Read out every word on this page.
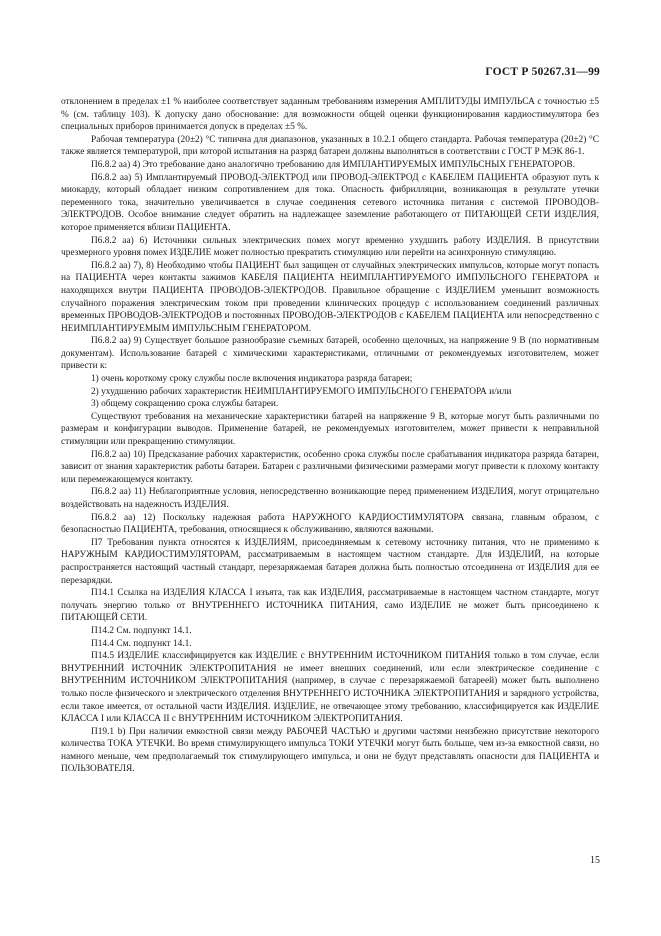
ГОСТ Р 50267.31—99

отклонением в пределах ±1 % наиболее соответствует заданным требованиям измерения АМПЛИТУДЫ ИМПУЛЬСА с точностью ±5 % (см. таблицу 103). К допуску дано обоснование: для возможности общей оценки функционирования кардиостимулятора без специальных приборов принимается допуск в пределах ±5 %.

Рабочая температура (20±2) °С типична для диапазонов, указанных в 10.2.1 общего стандарта. Рабочая температура (20±2) °С также является температурой, при которой испытания на разряд батареи должны выполняться в соответствии с ГОСТ Р МЭК 86-1.

П6.8.2 аа) 4) Это требование дано аналогично требованию для ИМПЛАНТИРУЕМЫХ ИМПУЛЬСНЫХ ГЕНЕРАТОРОВ.

П6.8.2 аа) 5) Имплантируемый ПРОВОД-ЭЛЕКТРОД или ПРОВОД-ЭЛЕКТРОД с КАБЕЛЕМ ПАЦИЕНТА образуют путь к миокарду, который обладает низким сопротивлением для тока. Опасность фибрилляции, возникающая в результате утечки переменного тока, значительно увеличивается в случае соединения сетевого источника питания с системой ПРОВОДОВ-ЭЛЕКТРОДОВ. Особое внимание следует обратить на надлежащее заземление работающего от ПИТАЮЩЕЙ СЕТИ ИЗДЕЛИЯ, которое применяется вблизи ПАЦИЕНТА.

П6.8.2 аа) 6) Источники сильных электрических помех могут временно ухудшить работу ИЗДЕЛИЯ. В присутствии чрезмерного уровня помех ИЗДЕЛИЕ может полностью прекратить стимуляцию или перейти на асинхронную стимуляцию.

П6.8.2 аа) 7), 8) Необходимо чтобы ПАЦИЕНТ был защищен от случайных электрических импульсов, которые могут попасть на ПАЦИЕНТА через контакты зажимов КАБЕЛЯ ПАЦИЕНТА НЕИМПЛАНТИРУЕМОГО ИМПУЛЬСНОГО ГЕНЕРАТОРА и находящихся внутри ПАЦИЕНТА ПРОВОДОВ-ЭЛЕКТРОДОВ. Правильное обращение с ИЗДЕЛИЕМ уменьшит возможность случайного поражения электрическим током при проведении клинических процедур с использованием соединений различных временных ПРОВОДОВ-ЭЛЕКТРОДОВ и постоянных ПРОВОДОВ-ЭЛЕКТРОДОВ с КАБЕЛЕМ ПАЦИЕНТА или непосредственно с НЕИМПЛАНТИРУЕМЫМ ИМПУЛЬСНЫМ ГЕНЕРАТОРОМ.

П6.8.2 аа) 9) Существует большое разнообразие съемных батарей, особенно щелочных, на напряжение 9 В (по нормативным документам). Использование батарей с химическими характеристиками, отличными от рекомендуемых изготовителем, может привести к:

1) очень короткому сроку службы после включения индикатора разряда батареи;

2) ухудшению рабочих характеристик НЕИМПЛАНТИРУЕМОГО ИМПУЛЬСНОГО ГЕНЕРАТОРА и/или

3) общему сокращению срока службы батареи.

Существуют требования на механические характеристики батарей на напряжение 9 В, которые могут быть различными по размерам и конфигурации выводов. Применение батарей, не рекомендуемых изготовителем, может привести к неправильной стимуляции или прекращению стимуляции.

П6.8.2 аа) 10) Предсказание рабочих характеристик, особенно срока службы после срабатывания индикатора разряда батареи, зависит от знания характеристик работы батареи. Батареи с различными физическими размерами могут привести к плохому контакту или перемежающемуся контакту.

П6.8.2 аа) 11) Неблагоприятные условия, непосредственно возникающие перед применением ИЗДЕЛИЯ, могут отрицательно воздействовать на надежность ИЗДЕЛИЯ.

П6.8.2 аа) 12) Поскольку надежная работа НАРУЖНОГО КАРДИОСТИМУЛЯТОРА связана, главным образом, с безопасностью ПАЦИЕНТА, требования, относящиеся к обслуживанию, являются важными.

П7 Требования пункта относятся к ИЗДЕЛИЯМ, присоединяемым к сетевому источнику питания, что не применимо к НАРУЖНЫМ КАРДИОСТИМУЛЯТОРАМ, рассматриваемым в настоящем частном стандарте. Для ИЗДЕЛИЙ, на которые распространяется настоящий частный стандарт, перезаряжаемая батарея должна быть полностью отсоединена от ИЗДЕЛИЯ для ее перезарядки.

П14.1 Ссылка на ИЗДЕЛИЯ КЛАССА I изъята, так как ИЗДЕЛИЯ, рассматриваемые в настоящем частном стандарте, могут получать энергию только от ВНУТРЕННЕГО ИСТОЧНИКА ПИТАНИЯ, само ИЗДЕЛИЕ не может быть присоединено к ПИТАЮЩЕЙ СЕТИ.

П14.2 См. подпункт 14.1.

П14.4 См. подпункт 14.1.

П14.5 ИЗДЕЛИЕ классифицируется как ИЗДЕЛИЕ с ВНУТРЕННИМ ИСТОЧНИКОМ ПИТАНИЯ только в том случае, если ВНУТРЕННИЙ ИСТОЧНИК ЭЛЕКТРОПИТАНИЯ не имеет внешних соединений, или если электрическое соединение с ВНУТРЕННИМ ИСТОЧНИКОМ ЭЛЕКТРОПИТАНИЯ (например, в случае с перезаряжаемой батареей) может быть выполнено только после физического и электрического отделения ВНУТРЕННЕГО ИСТОЧНИКА ЭЛЕКТРОПИТАНИЯ и зарядного устройства, если такое имеется, от остальной части ИЗДЕЛИЯ. ИЗДЕЛИЕ, не отвечающее этому требованию, классифицируется как ИЗДЕЛИЕ КЛАССА I или КЛАССА II с ВНУТРЕННИМ ИСТОЧНИКОМ ЭЛЕКТРОПИТАНИЯ.

П19.1 b) При наличии емкостной связи между РАБОЧЕЙ ЧАСТЬЮ и другими частями неизбежно присутствие некоторого количества ТОКА УТЕЧКИ. Во время стимулирующего импульса ТОКИ УТЕЧКИ могут быть больше, чем из-за емкостной связи, но намного меньше, чем предполагаемый ток стимулирующего импульса, и они не будут представлять опасности для ПАЦИЕНТА и ПОЛЬЗОВАТЕЛЯ.

15
